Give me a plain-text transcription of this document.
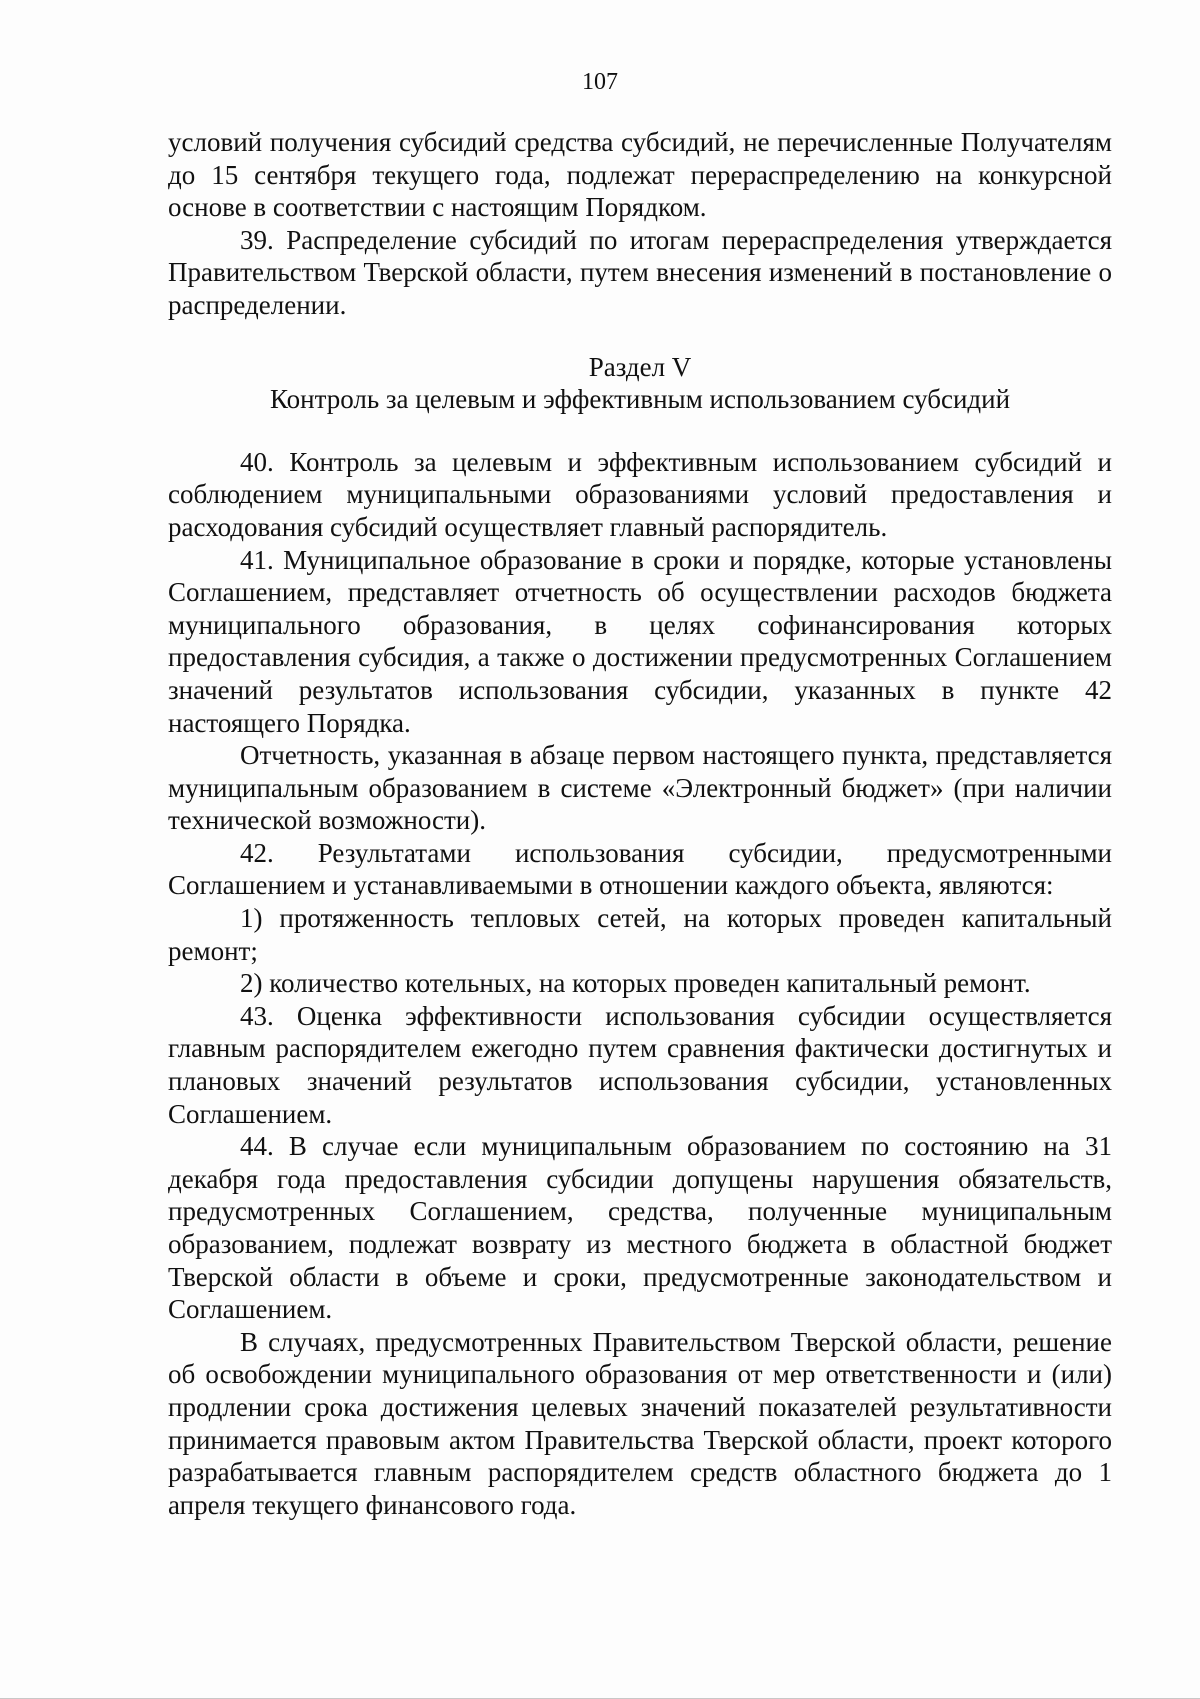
107

условий получения субсидий средства субсидий, не перечисленные Получателям до 15 сентября текущего года, подлежат перераспределению на конкурсной основе в соответствии с настоящим Порядком.

39. Распределение субсидий по итогам перераспределения утверждается Правительством Тверской области, путем внесения изменений в постановление о распределении.

Раздел V
Контроль за целевым и эффективным использованием субсидий

40. Контроль за целевым и эффективным использованием субсидий и соблюдением муниципальными образованиями условий предоставления и расходования субсидий осуществляет главный распорядитель.

41. Муниципальное образование в сроки и порядке, которые установлены Соглашением, представляет отчетность об осуществлении расходов бюджета муниципального образования, в целях софинансирования которых предоставления субсидия, а также о достижении предусмотренных Соглашением значений результатов использования субсидии, указанных в пункте 42 настоящего Порядка.

Отчетность, указанная в абзаце первом настоящего пункта, представляется муниципальным образованием в системе «Электронный бюджет» (при наличии технической возможности).

42. Результатами использования субсидии, предусмотренными Соглашением и устанавливаемыми в отношении каждого объекта, являются:

1) протяженность тепловых сетей, на которых проведен капитальный ремонт;

2) количество котельных, на которых проведен капитальный ремонт.

43. Оценка эффективности использования субсидии осуществляется главным распорядителем ежегодно путем сравнения фактически достигнутых и плановых значений результатов использования субсидии, установленных Соглашением.

44. В случае если муниципальным образованием по состоянию на 31 декабря года предоставления субсидии допущены нарушения обязательств, предусмотренных Соглашением, средства, полученные муниципальным образованием, подлежат возврату из местного бюджета в областной бюджет Тверской области в объеме и сроки, предусмотренные законодательством и Соглашением.

В случаях, предусмотренных Правительством Тверской области, решение об освобождении муниципального образования от мер ответственности и (или) продлении срока достижения целевых значений показателей результативности принимается правовым актом Правительства Тверской области, проект которого разрабатывается главным распорядителем средств областного бюджета до 1 апреля текущего финансового года.
